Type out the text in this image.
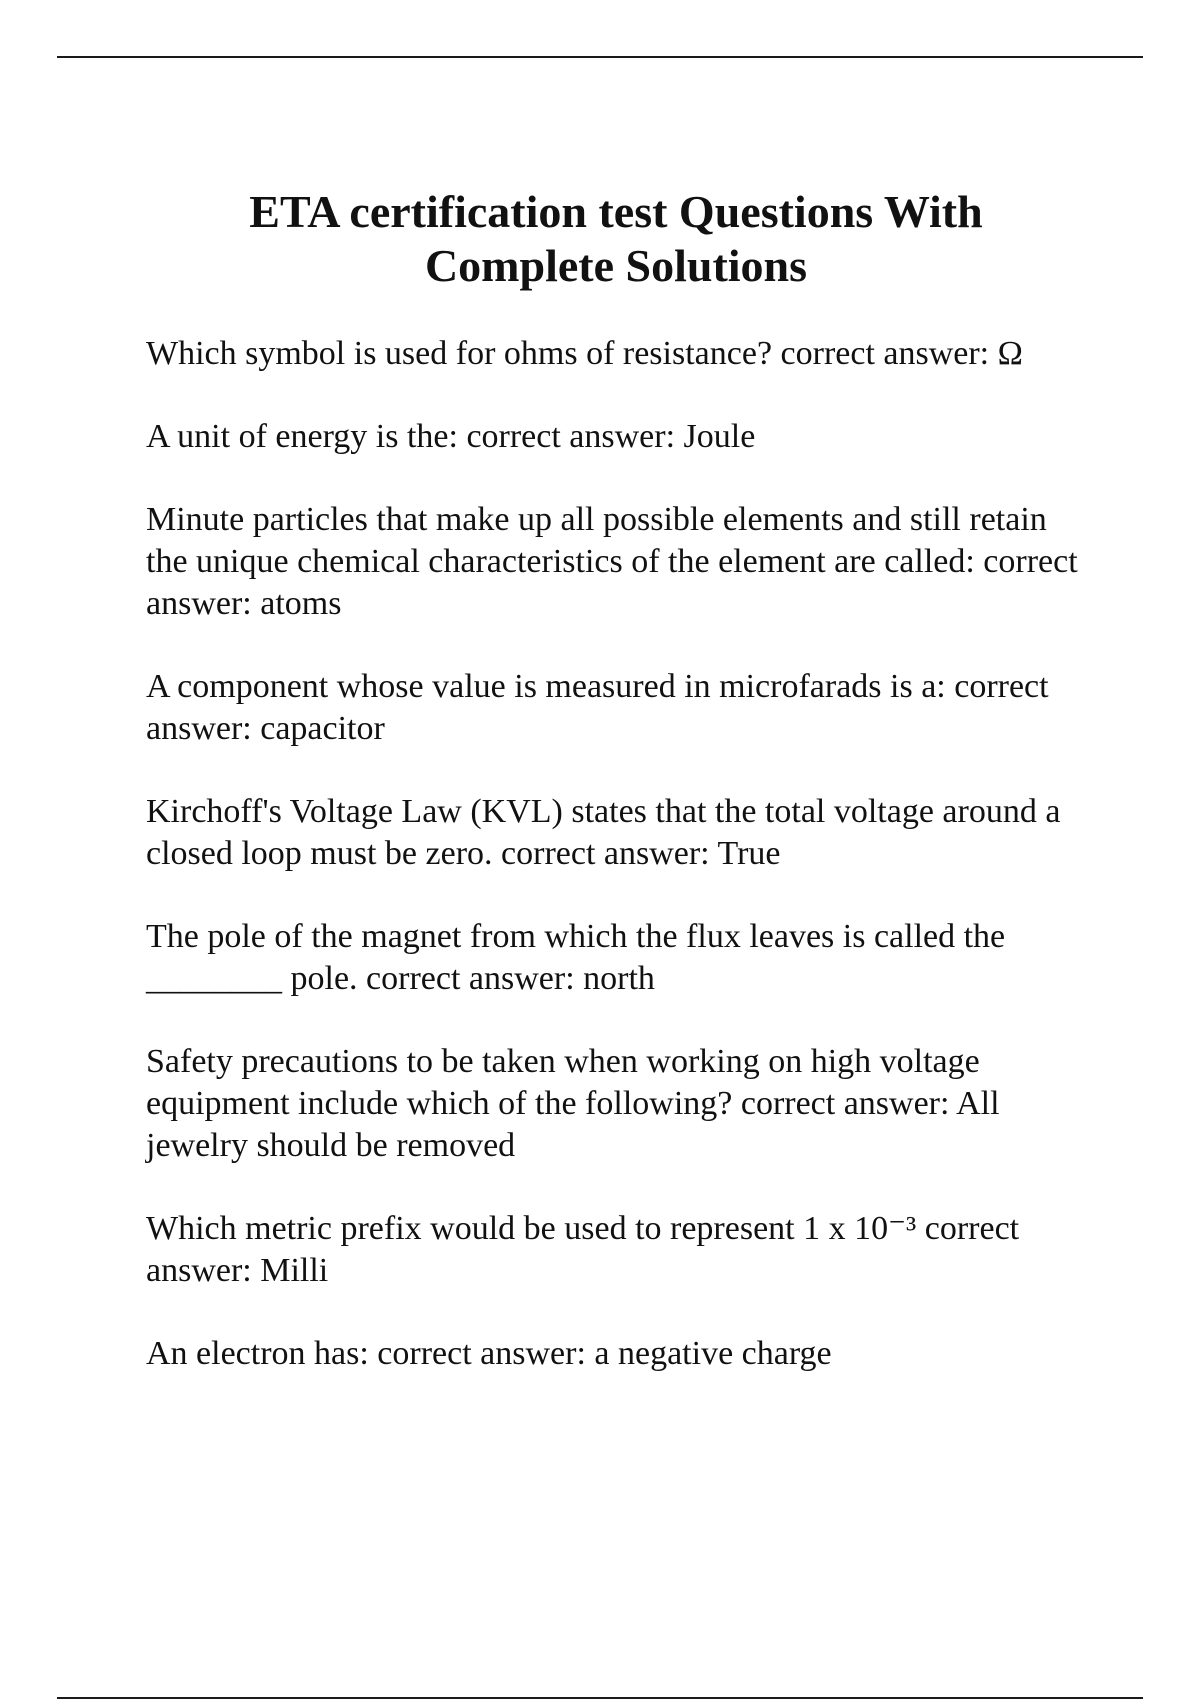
ETA certification test Questions With
Complete Solutions

Which symbol is used for ohms of resistance? correct answer: Ω

A unit of energy is the: correct answer: Joule

Minute particles that make up all possible elements and still retain the unique chemical characteristics of the element are called: correct answer: atoms

A component whose value is measured in microfarads is a: correct answer: capacitor

Kirchoff's Voltage Law (KVL) states that the total voltage around a closed loop must be zero. correct answer: True

The pole of the magnet from which the flux leaves is called the ________ pole. correct answer: north

Safety precautions to be taken when working on high voltage equipment include which of the following? correct answer: All jewelry should be removed

Which metric prefix would be used to represent 1 x 10⁻³ correct answer: Milli

An electron has: correct answer: a negative charge
